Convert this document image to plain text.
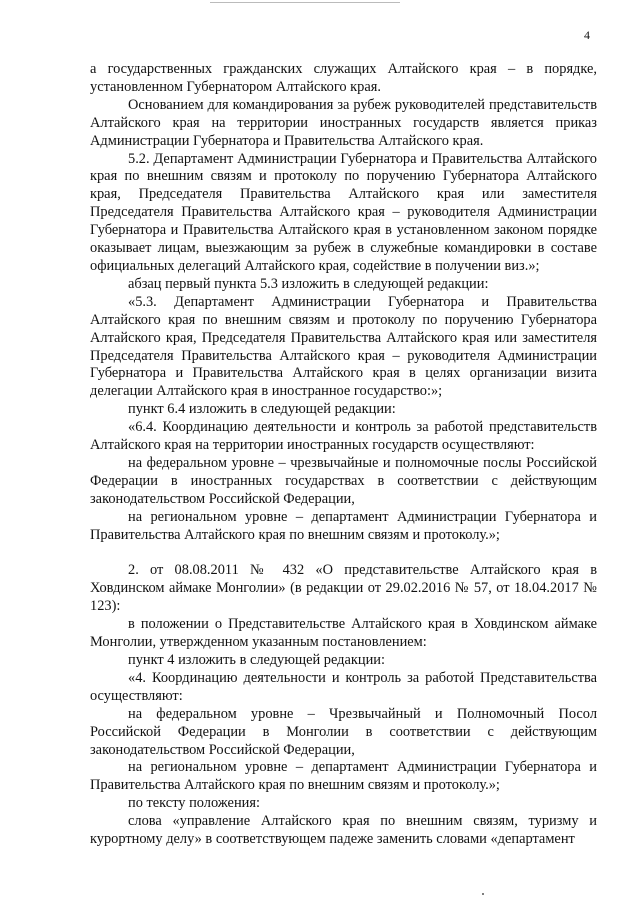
4

а государственных гражданских служащих Алтайского края – в порядке, установленном Губернатором Алтайского края.

Основанием для командирования за рубеж руководителей представительств Алтайского края на территории иностранных государств является приказ Администрации Губернатора и Правительства Алтайского края.

5.2. Департамент Администрации Губернатора и Правительства Алтайского края по внешним связям и протоколу по поручению Губернатора Алтайского края, Председателя Правительства Алтайского края или заместителя Председателя Правительства Алтайского края – руководителя Администрации Губернатора и Правительства Алтайского края в установленном законом порядке оказывает лицам, выезжающим за рубеж в служебные командировки в составе официальных делегаций Алтайского края, содействие в получении виз.»;

абзац первый пункта 5.3 изложить в следующей редакции:

«5.3. Департамент Администрации Губернатора и Правительства Алтайского края по внешним связям и протоколу по поручению Губернатора Алтайского края, Председателя Правительства Алтайского края или заместителя Председателя Правительства Алтайского края – руководителя Администрации Губернатора и Правительства Алтайского края в целях организации визита делегации Алтайского края в иностранное государство:»;

пункт 6.4 изложить в следующей редакции:

«6.4. Координацию деятельности и контроль за работой представительств Алтайского края на территории иностранных государств осуществляют:

на федеральном уровне – чрезвычайные и полномочные послы Российской Федерации в иностранных государствах в соответствии с действующим законодательством Российской Федерации,

на региональном уровне – департамент Администрации Губернатора и Правительства Алтайского края по внешним связям и протоколу.»;

2. от 08.08.2011 № 432 «О представительстве Алтайского края в Ховдинском аймаке Монголии» (в редакции от 29.02.2016 № 57, от 18.04.2017 № 123):

в положении о Представительстве Алтайского края в Ховдинском аймаке Монголии, утвержденном указанным постановлением:

пункт 4 изложить в следующей редакции:

«4. Координацию деятельности и контроль за работой Представительства осуществляют:

на федеральном уровне – Чрезвычайный и Полномочный Посол Российской Федерации в Монголии в соответствии с действующим законодательством Российской Федерации,

на региональном уровне – департамент Администрации Губернатора и Правительства Алтайского края по внешним связям и протоколу.»;

по тексту положения:

слова «управление Алтайского края по внешним связям, туризму и курортному делу» в соответствующем падеже заменить словами «департамент
